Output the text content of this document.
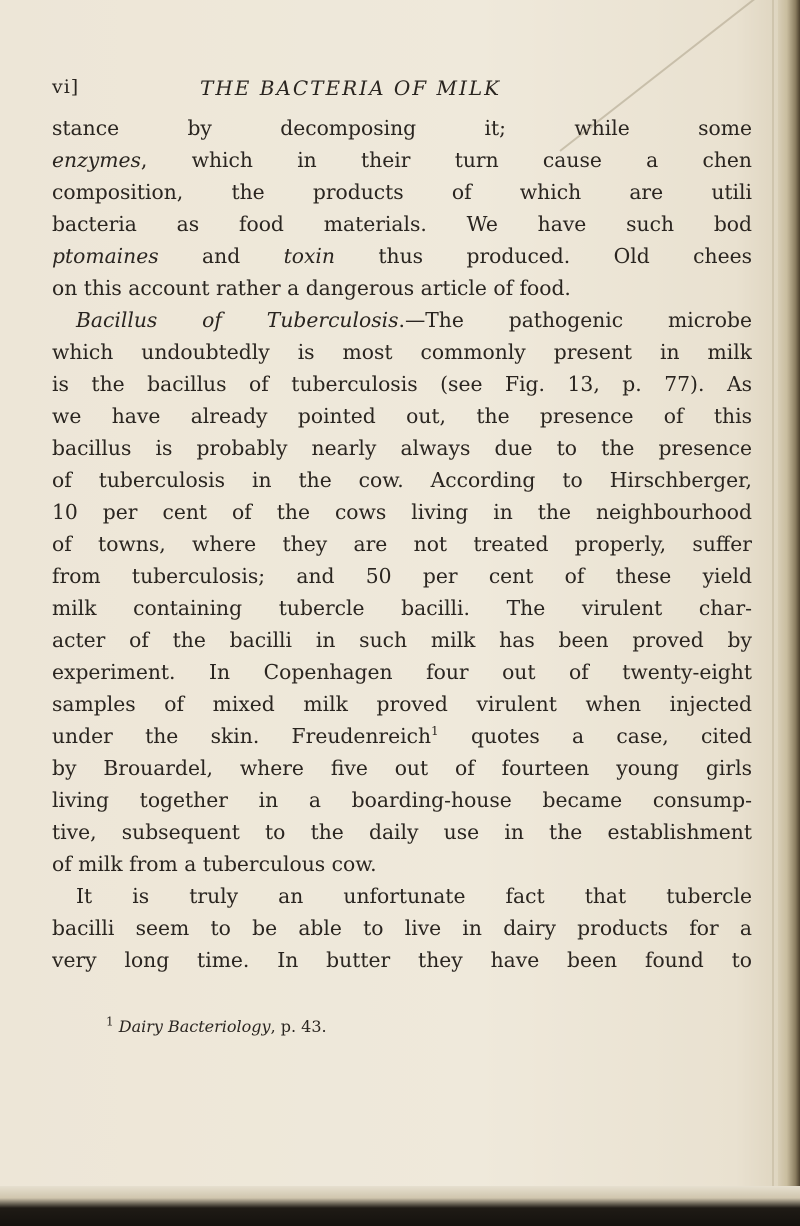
vi]	THE BACTERIA OF MILK
stance by decomposing it; while some
enzymes, which in their turn cause a chen
composition, the products of which are utili
bacteria as food materials. We have such bod
ptomaines and toxin thus produced. Old chees
on this account rather a dangerous article of food.
Bacillus of Tuberculosis.—The pathogenic microbe
which undoubtedly is most commonly present in milk
is the bacillus of tuberculosis (see Fig. 13, p. 77). As
we have already pointed out, the presence of this
bacillus is probably nearly always due to the presence
of tuberculosis in the cow. According to Hirschberger,
10 per cent of the cows living in the neighbourhood
of towns, where they are not treated properly, suffer
from tuberculosis; and 50 per cent of these yield
milk containing tubercle bacilli. The virulent char-
acter of the bacilli in such milk has been proved by
experiment. In Copenhagen four out of twenty-eight
samples of mixed milk proved virulent when injected
under the skin. Freudenreich$^1$ quotes a case, cited
by Brouardel, where five out of fourteen young girls
living together in a boarding-house became consump-
tive, subsequent to the daily use in the establishment
of milk from a tuberculous cow.
It is truly an unfortunate fact that tubercle
bacilli seem to be able to live in dairy products for a
very long time. In butter they have been found to
$^1$ Dairy Bacteriology, p. 43.
